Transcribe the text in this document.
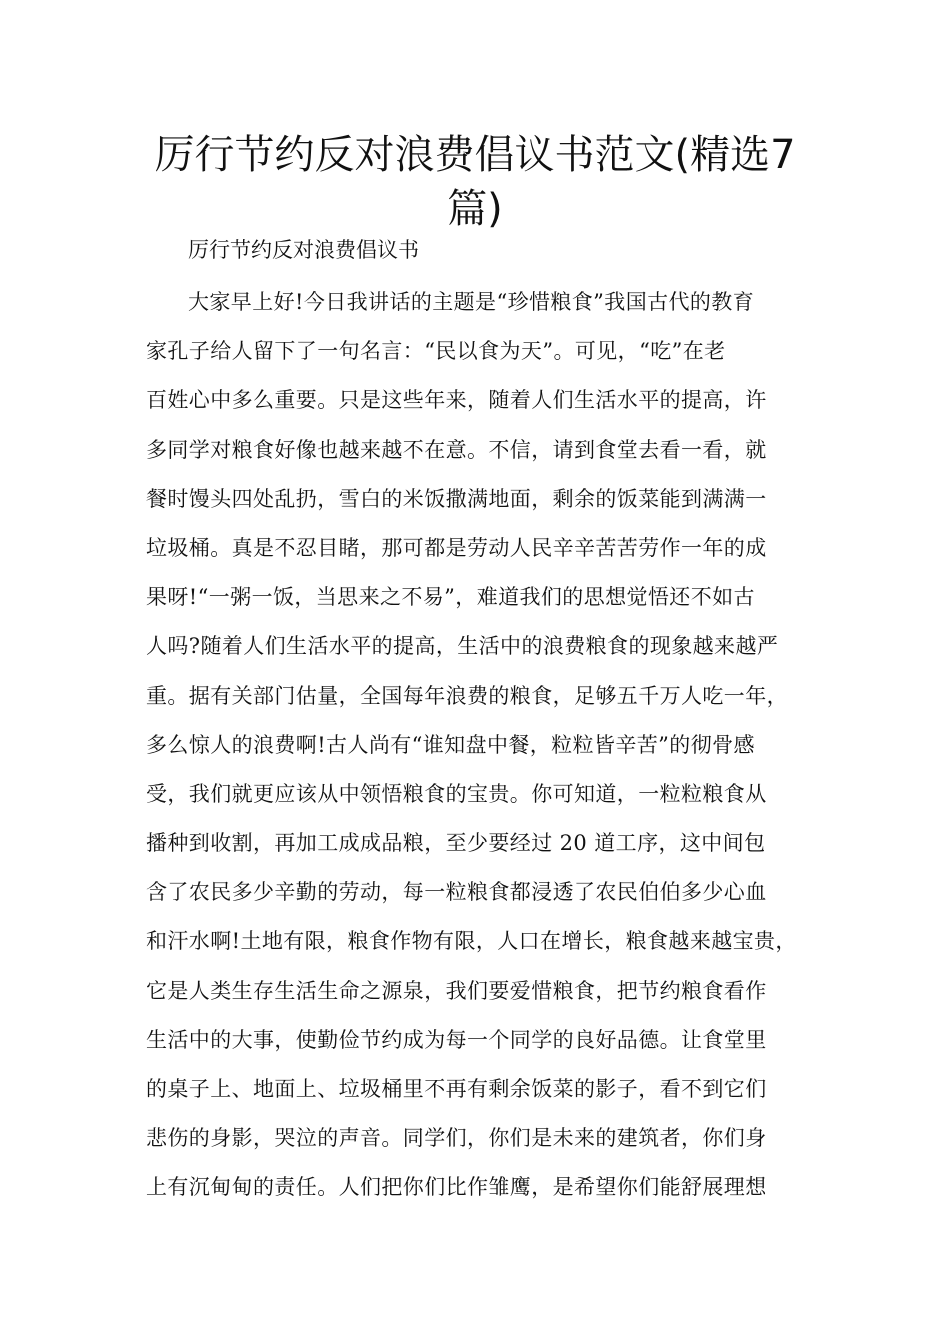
厉行节约反对浪费倡议书范文(精选7篇)

厉行节约反对浪费倡议书

大家早上好!今日我讲话的主题是“珍惜粮食”我国古代的教育
家孔子给人留下了一句名言：“民以食为天”。可见，“吃”在老
百姓心中多么重要。只是这些年来，随着人们生活水平的提高，许
多同学对粮食好像也越来越不在意。不信，请到食堂去看一看，就
餐时馒头四处乱扔，雪白的米饭撒满地面，剩余的饭菜能到满满一
垃圾桶。真是不忍目睹，那可都是劳动人民辛辛苦苦劳作一年的成
果呀!“一粥一饭，当思来之不易”，难道我们的思想觉悟还不如古
人吗?随着人们生活水平的提高，生活中的浪费粮食的现象越来越严
重。据有关部门估量，全国每年浪费的粮食，足够五千万人吃一年，
多么惊人的浪费啊!古人尚有“谁知盘中餐，粒粒皆辛苦”的彻骨感
受，我们就更应该从中领悟粮食的宝贵。你可知道，一粒粒粮食从
播种到收割，再加工成成品粮，至少要经过 20 道工序，这中间包
含了农民多少辛勤的劳动，每一粒粮食都浸透了农民伯伯多少心血
和汗水啊!土地有限，粮食作物有限，人口在增长，粮食越来越宝贵，
它是人类生存生活生命之源泉，我们要爱惜粮食，把节约粮食看作
生活中的大事，使勤俭节约成为每一个同学的良好品德。让食堂里
的桌子上、地面上、垃圾桶里不再有剩余饭菜的影子，看不到它们
悲伤的身影，哭泣的声音。同学们，你们是未来的建筑者，你们身
上有沉甸甸的责任。人们把你们比作雏鹰，是希望你们能舒展理想
